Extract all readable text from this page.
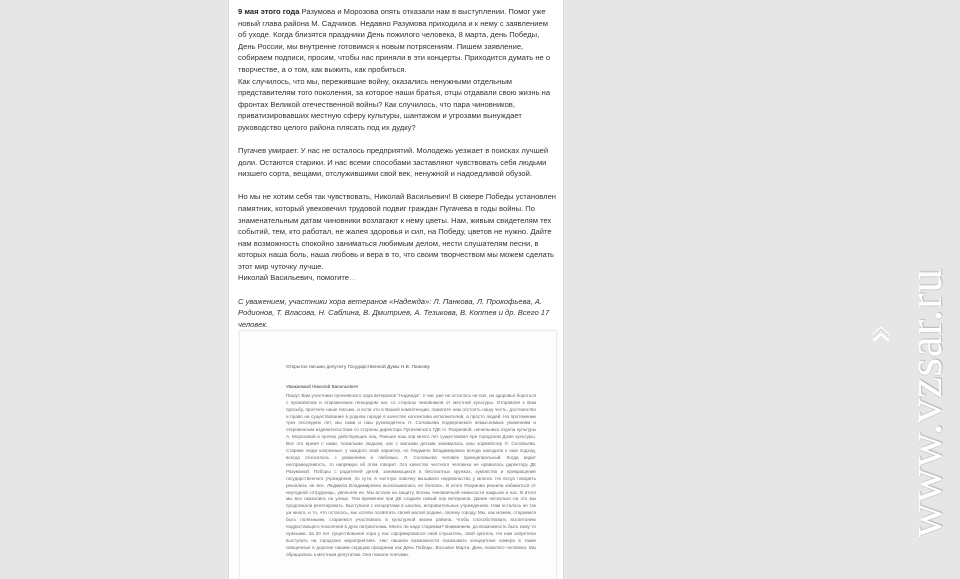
9 мая этого года Разумова и Морозова опять отказали нам в выступлении. Помог уже новый глава района М. Садчиков. Недавно Разумова приходила и к нему с заявлением об уходе. Когда близятся праздники День пожилого человека, 8 марта, день Победы, День России, мы внутренне готовимся к новым потрясениям. Пишем заявление, собираем подписи, просим, чтобы нас приняли в эти концерты. Приходится думать не о творчестве, а о том, как выжить, как пробиться.
Как случилось, что мы, пережившие войну, оказались ненужными отдельным представителям того поколения, за которое наши братья, отцы отдавали свою жизнь на фронтах Великой отечественной войны? Как случилось, что пара чиновников, приватизировавших местную сферу культуры, шантажом и угрозами вынуждает руководство целого района плясать под их дудку?

Пугачев умирает. У нас не осталось предприятий. Молодежь уезжает в поисках лучшей доли. Остаются старики. И нас всеми способами заставляют чувствовать себя людьми низшего сорта, вещами, отслужившими свой век, ненужной и надоедливой обузой.

Но мы не хотим себя так чувствовать, Николай Васильевич! В сквере Победы установлен памятник, который увековечил трудовой подвиг граждан Пугачева в годы войны. По знаменательным датам чиновники возлагают к нему цветы. Нам, живым свидетелям тех событий, тем, кто работал, не жалея здоровья и сил, на Победу, цветов не нужно. Дайте нам возможность спокойно заниматься любимым делом, нести слушателям песни, в которых наша боль, наша любовь и вера в то, что своим творчеством мы можем сделать этот мир чуточку лучше.

Николай Васильевич, помогите…

С уважением, участники хора ветеранов «Надежда»: Л. Панкова, Л. Прокофьева, А. Родионов, Т. Власова, Н. Саблина, В. Дмитриев, А. Тезикова, В. Коптев и др. Всего 17 человек.

Открытое письмо депутату Государственной Думы Н.В. Панкову
Уважаемый Николай Васильевич!
Пишут Вам участники пугачевского хора ветеранов "Надежда". У нас уже не осталось ни сил, ни здоровья бороться с произволом и откровенным геноцидом нас со стороны чиновников от местной культуры. Отправляя к Вам просьбу, прочтите наше письмо, и если это в Вашей компетенции, помогите нам отстоять нашу честь, достоинство и право на существование в родном городе в качестве коллектива исполнителей, а просто людей. На протяжении трех последних лет, мы сами и наш руководитель Л. Соловьева подвергаемся немыслимым унижениям и откровенным издевательствам со стороны директора Пугачевского ГДК Н. Разумовой, начальника отдела культуры А. Морозовой и прочих действующих лиц. Раньше наш хор много лет существовал при городском Доме культуры. Все это время с нами, пожилыми людьми, нас с малыми детьми занималась наш хормейстер Л. Соловьева. Старики люди капризные, у каждого свой характер, но Людмила Владимировна всегда находила к нам подход, всегда относилась с уважением и любовью. Л. Соловьева человек принципиальный. Когда видит несправедливость, то напрямую об этом говорит. Это качество честного человека не нравилось директору ДК Разумовой. Поборы с родителей детей, занимающихся в бесплатных кружках, кумовство и превращение государственного учреждения, по сути, в частную лавочку вызывало недовольство у многих. Но вслух говорить решались не все. Людмила Владимировна высказывалась не боялась. В итоге Разумова решила избавиться от неугодной сотрудницы, увольняя ее. Мы встали на защиту. Волны чиновничьей немилости накрыли и нас. В итоге мы все оказались на улице. Тем временем при ДК создали новый хор ветеранов. Дание несколько на это мы продолжали репетировать. Выступали с концертами в школах, исправительных учреждениях. Нам осталось не так уж много, и то, что осталось, мы хотели посвятить своей малой родине, своему городу. Мы, как можем, стараемся быть полезными, стараемся участвовать в культурной жизни района, чтобы способствовать воспитанию подрастающего поколения в духе патриотизма. Много ли надо старикам? Вниманием, да возможность быть кому-то нужными. За 20 лет существования хора у нас сформировался свой слушатель, свой зритель. Но нам запретили выступать на городских мероприятиях. Нас лишили возможности показывать концертные номера в такие священные и дорогие нашим сердцам праздники как День Победы, Восьмое Марта, День пожилого человека. Мы обращались к местным депутатам. Они пожали плечами.
www.vzsar.ru
